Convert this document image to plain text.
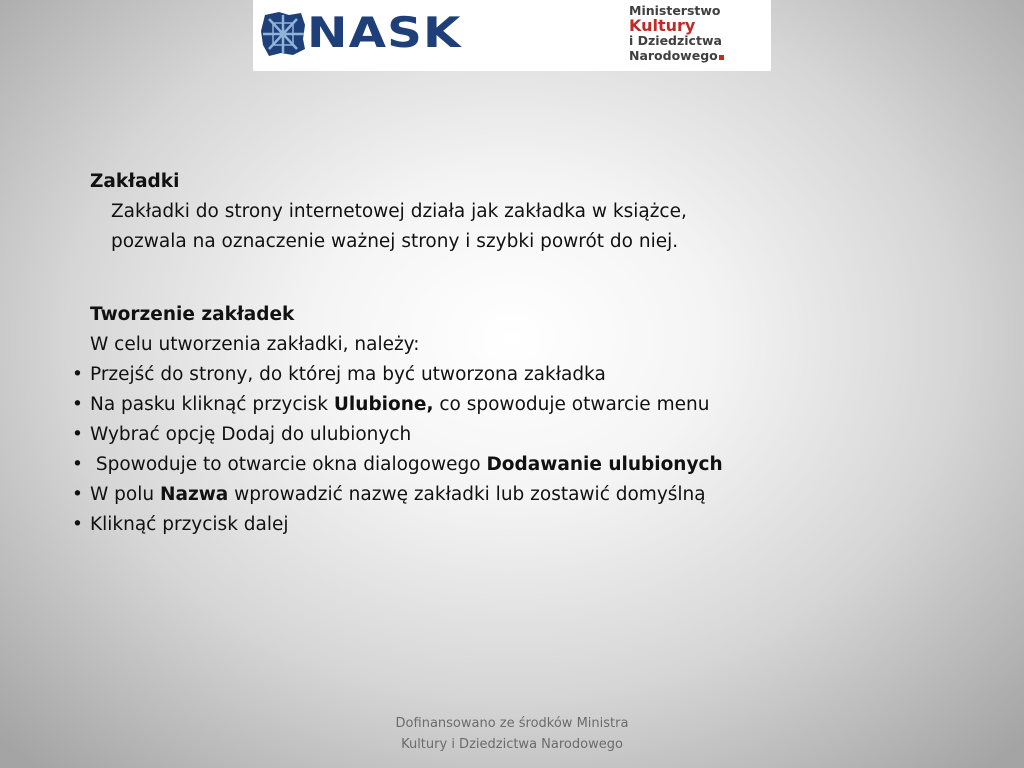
NASK	Ministerstwo
Kultury
i Dziedzictwa
Narodowego
Zakładki
Zakładki do strony internetowej działa jak zakładka w książce,
pozwala na oznaczenie ważnej strony i szybki powrót do niej.
Tworzenie zakładek
W celu utworzenia zakładki, należy:
• Przejść do strony, do której ma być utworzona zakładka
• Na pasku kliknąć przycisk Ulubione, co spowoduje otwarcie menu
• Wybrać opcję Dodaj do ulubionych
• Spowoduje to otwarcie okna dialogowego Dodawanie ulubionych
• W polu Nazwa wprowadzić nazwę zakładki lub zostawić domyślną
• Kliknąć przycisk dalej
Dofinansowano ze środków Ministra
Kultury i Dziedzictwa Narodowego
